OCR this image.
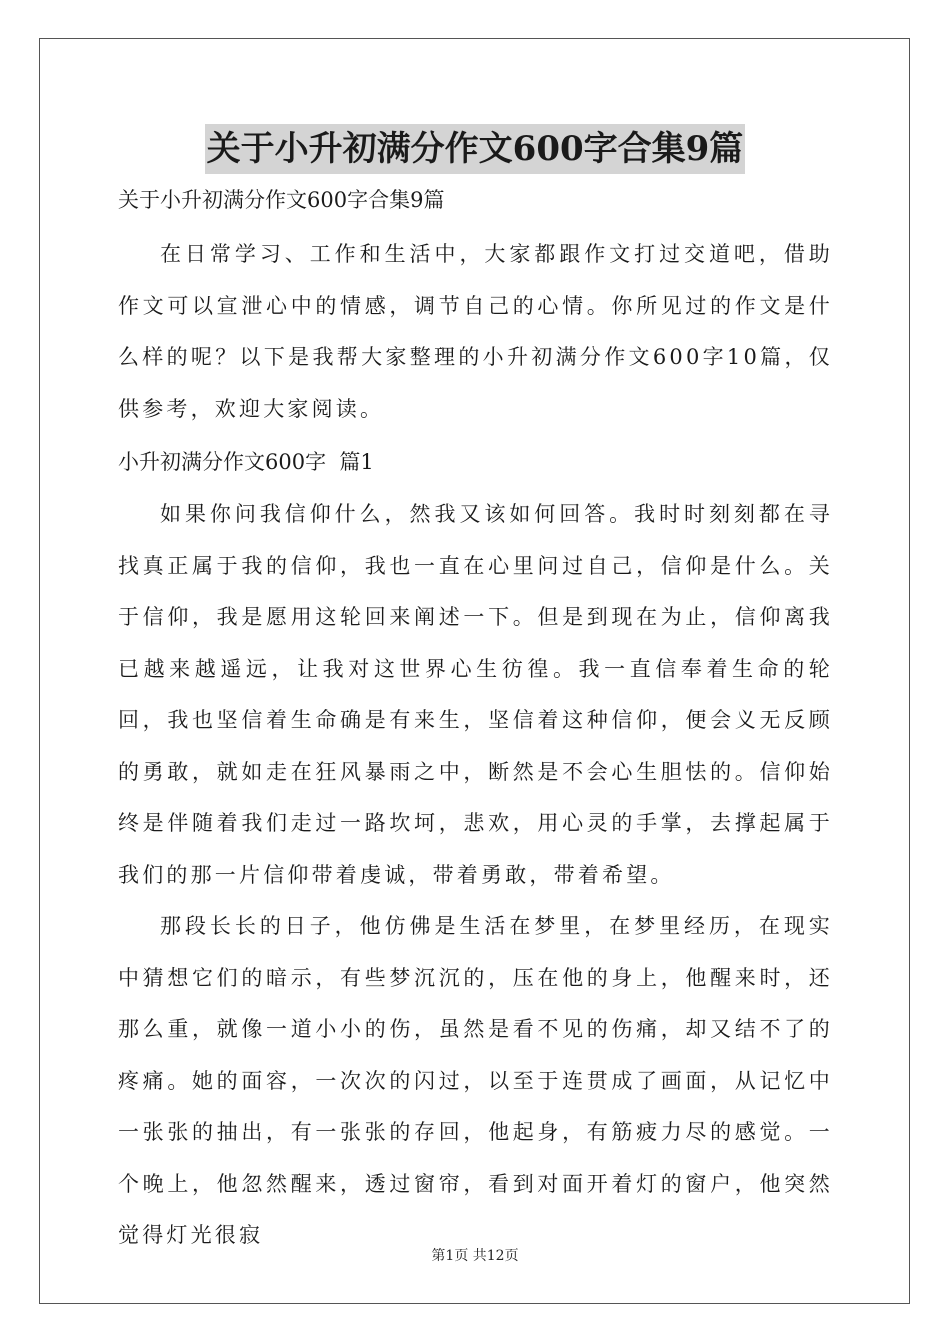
关于小升初满分作文600字合集9篇
关于小升初满分作文600字合集9篇

在日常学习、工作和生活中，大家都跟作文打过交道吧，借助作文可以宣泄心中的情感，调节自己的心情。你所见过的作文是什么样的呢？以下是我帮大家整理的小升初满分作文600字10篇，仅供参考，欢迎大家阅读。

小升初满分作文600字  篇1

如果你问我信仰什么，然我又该如何回答。我时时刻刻都在寻找真正属于我的信仰，我也一直在心里问过自己，信仰是什么。关于信仰，我是愿用这轮回来阐述一下。但是到现在为止，信仰离我已越来越遥远，让我对这世界心生彷徨。我一直信奉着生命的轮回，我也坚信着生命确是有来生，坚信着这种信仰，便会义无反顾的勇敢，就如走在狂风暴雨之中，断然是不会心生胆怯的。信仰始终是伴随着我们走过一路坎坷，悲欢，用心灵的手掌，去撑起属于我们的那一片信仰带着虔诚，带着勇敢，带着希望。

那段长长的日子，他仿佛是生活在梦里，在梦里经历，在现实中猜想它们的暗示，有些梦沉沉的，压在他的身上，他醒来时，还那么重，就像一道小小的伤，虽然是看不见的伤痛，却又结不了的疼痛。她的面容，一次次的闪过，以至于连贯成了画面，从记忆中一张张的抽出，有一张张的存回，他起身，有筋疲力尽的感觉。一个晚上，他忽然醒来，透过窗帘，看到对面开着灯的窗户，他突然觉得灯光很寂

第1页 共12页
